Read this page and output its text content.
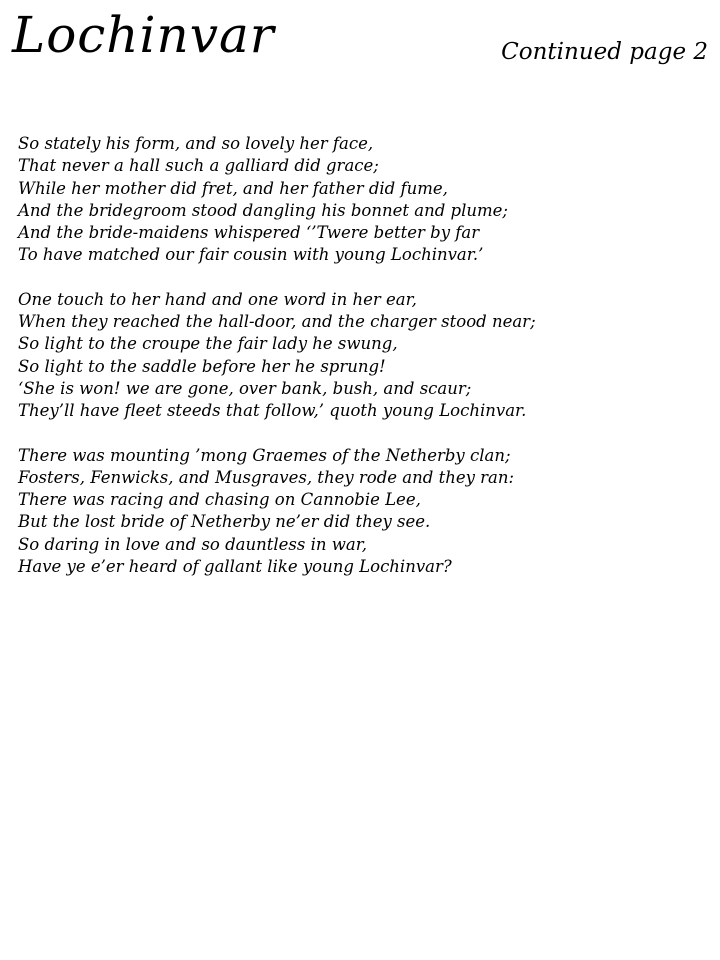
Lochinvar	Continued page 2
So stately his form, and so lovely her face,
That never a hall such a galliard did grace;
While her mother did fret, and her father did fume,
And the bridegroom stood dangling his bonnet and plume;
And the bride-maidens whispered ‘’Twere better by far
To have matched our fair cousin with young Lochinvar.’
One touch to her hand and one word in her ear,
When they reached the hall-door, and the charger stood near;
So light to the croupe the fair lady he swung,
So light to the saddle before her he sprung!
‘She is won! we are gone, over bank, bush, and scaur;
They’ll have fleet steeds that follow,’ quoth young Lochinvar.
There was mounting ’mong Graemes of the Netherby clan;
Fosters, Fenwicks, and Musgraves, they rode and they ran:
There was racing and chasing on Cannobie Lee,
But the lost bride of Netherby ne’er did they see.
So daring in love and so dauntless in war,
Have ye e’er heard of gallant like young Lochinvar?
